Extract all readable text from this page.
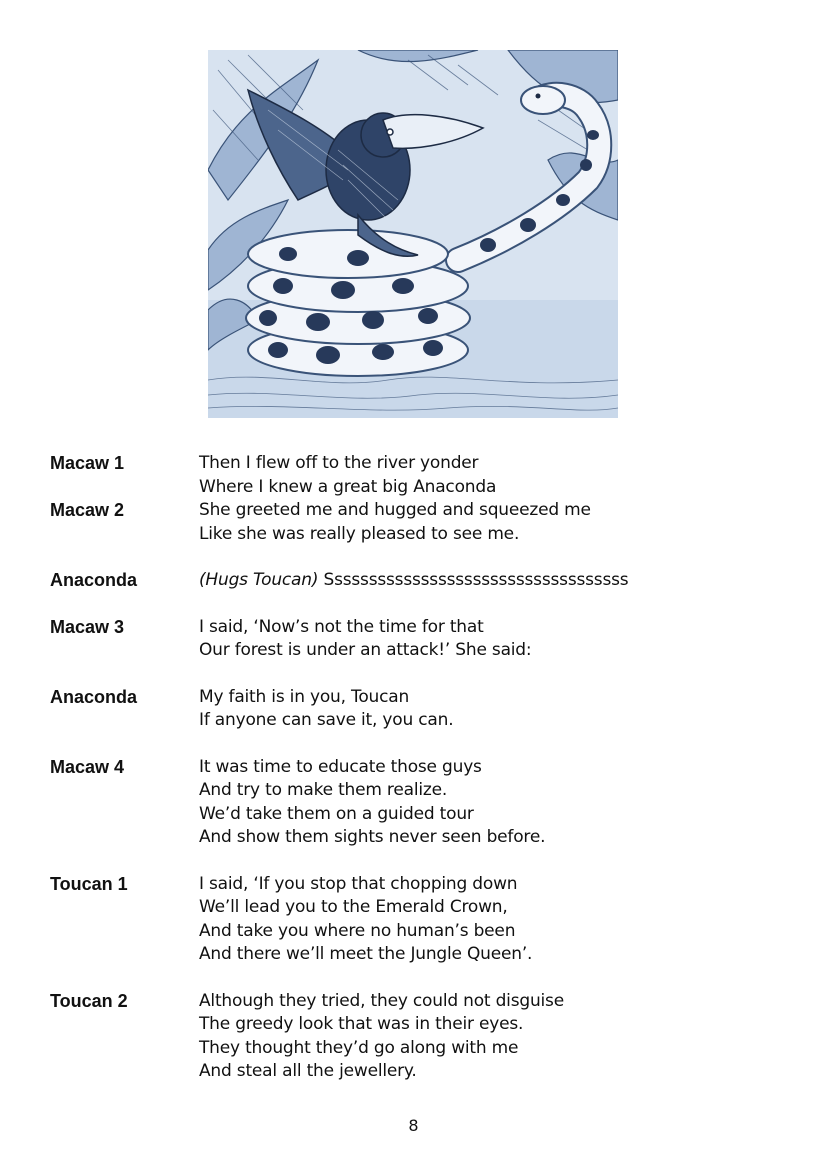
Macaw 1	Then I flew off to the river yonder
Where I knew a great big Anaconda
Macaw 2	She greeted me and hugged and squeezed me
Like she was really pleased to see me.
Anaconda	(Hugs Toucan) Sssssssssssssssssssssssssssssssssss
Macaw 3	I said, ‘Now’s not the time for that
Our forest is under an attack!’ She said:
Anaconda	My faith is in you, Toucan
If anyone can save it, you can.
Macaw 4	It was time to educate those guys
And try to make them realize.
We’d take them on a guided tour
And show them sights never seen before.
Toucan 1	I said, ‘If you stop that chopping down
We’ll lead you to the Emerald Crown,
And take you where no human’s been
And there we’ll meet the Jungle Queen’.
Toucan 2	Although they tried, they could not disguise
The greedy look that was in their eyes.
They thought they’d go along with me
And steal all the jewellery.
8
